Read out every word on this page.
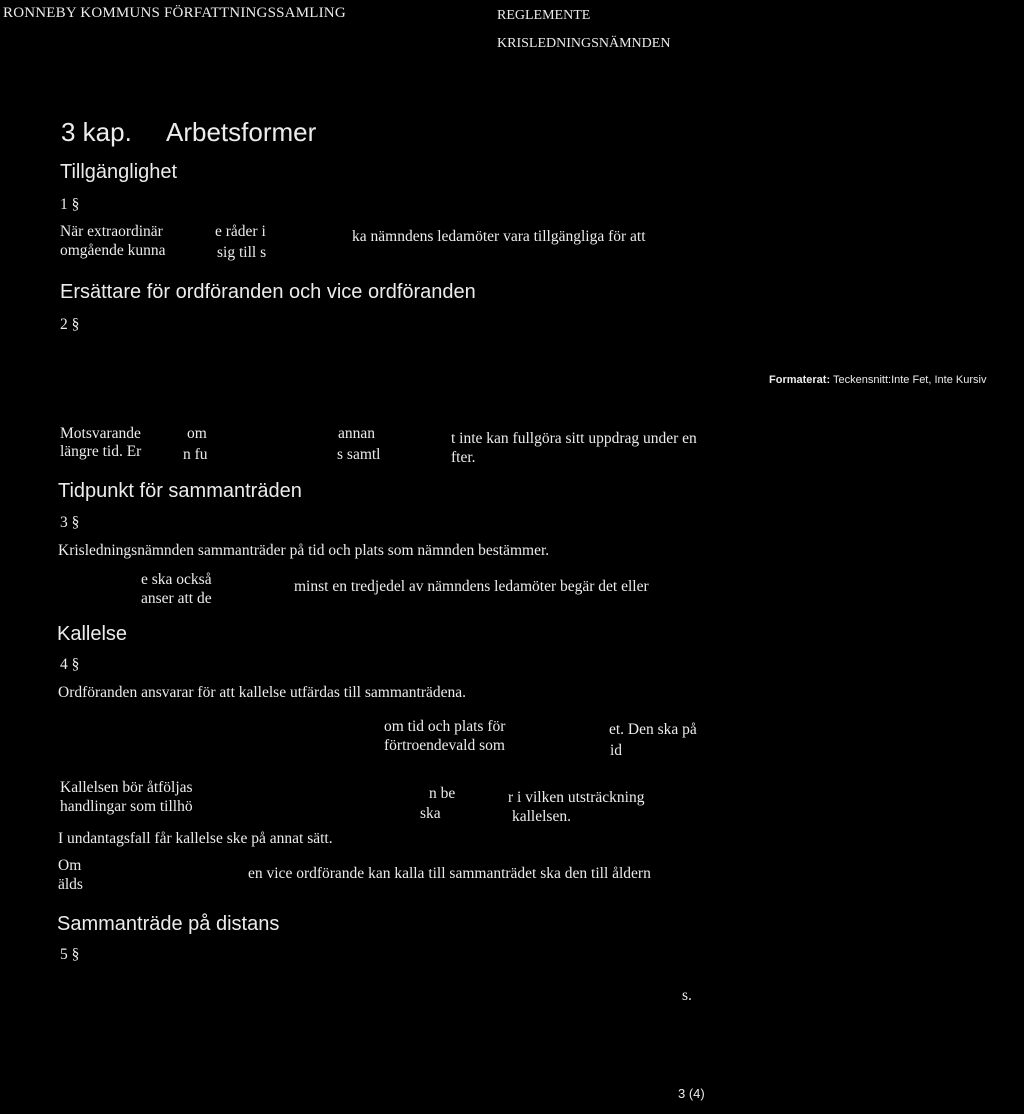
RONNEBY KOMMUNS FÖRFATTNINGSSAMLING	REGLEMENTE
KRISLEDNINGSNÄMNDEN
3 kap. Arbetsformer
Tillgänglighet
1 §
När extraordinär	e råder i	ka nämndens ledamöter vara tillgängliga för att
omgående kunna	sig till s
Ersättare för ordföranden och vice ordföranden
2 §
Formaterat: Teckensnitt:Inte Fet, Inte Kursiv
Motsvarande	om	annan	t inte kan fullgöra sitt uppdrag under en
längre tid. Er	n fu	s samtl	fter.
Tidpunkt för sammanträden
3 §
Krisledningsnämnden sammanträder på tid och plats som nämnden bestämmer.
e ska också	minst en tredjedel av nämndens ledamöter begär det eller
anser att de
Kallelse
4 §
Ordföranden ansvarar för att kallelse utfärdas till sammanträdena.
om tid och plats för	et. Den ska på
förtroendevald som	id
Kallelsen bör åtföljas	n be	r i vilken utsträckning
handlingar som tillhö	ska	kallelsen.
I undantagsfall får kallelse ske på annat sätt.
Om	en vice ordförande kan kalla till sammanträdet ska den till åldern
älds
Sammanträde på distans
5 §
s.
3 (4)
